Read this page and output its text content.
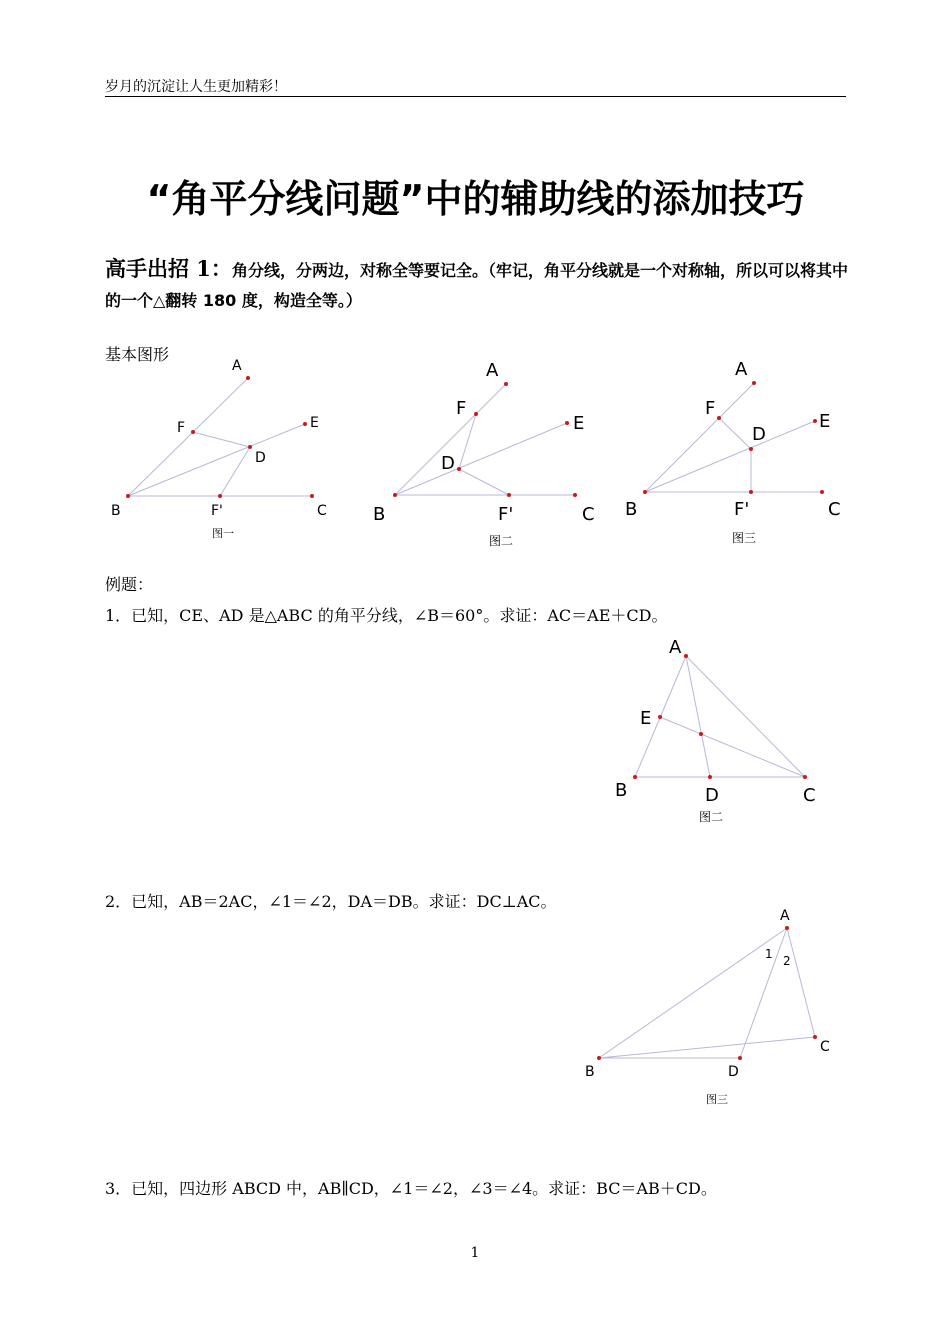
岁月的沉淀让人生更加精彩！
“角平分线问题”中的辅助线的添加技巧
高手出招 1：角分线，分两边，对称全等要记全。（牢记，角平分线就是一个对称轴，所以可以将其中的一个△翻转 180 度，构造全等。）
基本图形
例题：
1．已知，CE、AD 是△ABC 的角平分线，∠B＝60°。求证：AC＝AE＋CD。
2．已知，AB＝2AC，∠1＝∠2，DA＝DB。求证：DC⊥AC。
3．已知，四边形 ABCD 中，AB∥CD，∠1＝∠2，∠3＝∠4。求证：BC＝AB＋CD。
A
F	E
D
B	F'	C
图一
A
F
E
D
B	F'	C
图二
A
F
E
D
B	F'	C
图三
A
E
B	D	C
图二
A
1 2
C
B	D
图三
1
